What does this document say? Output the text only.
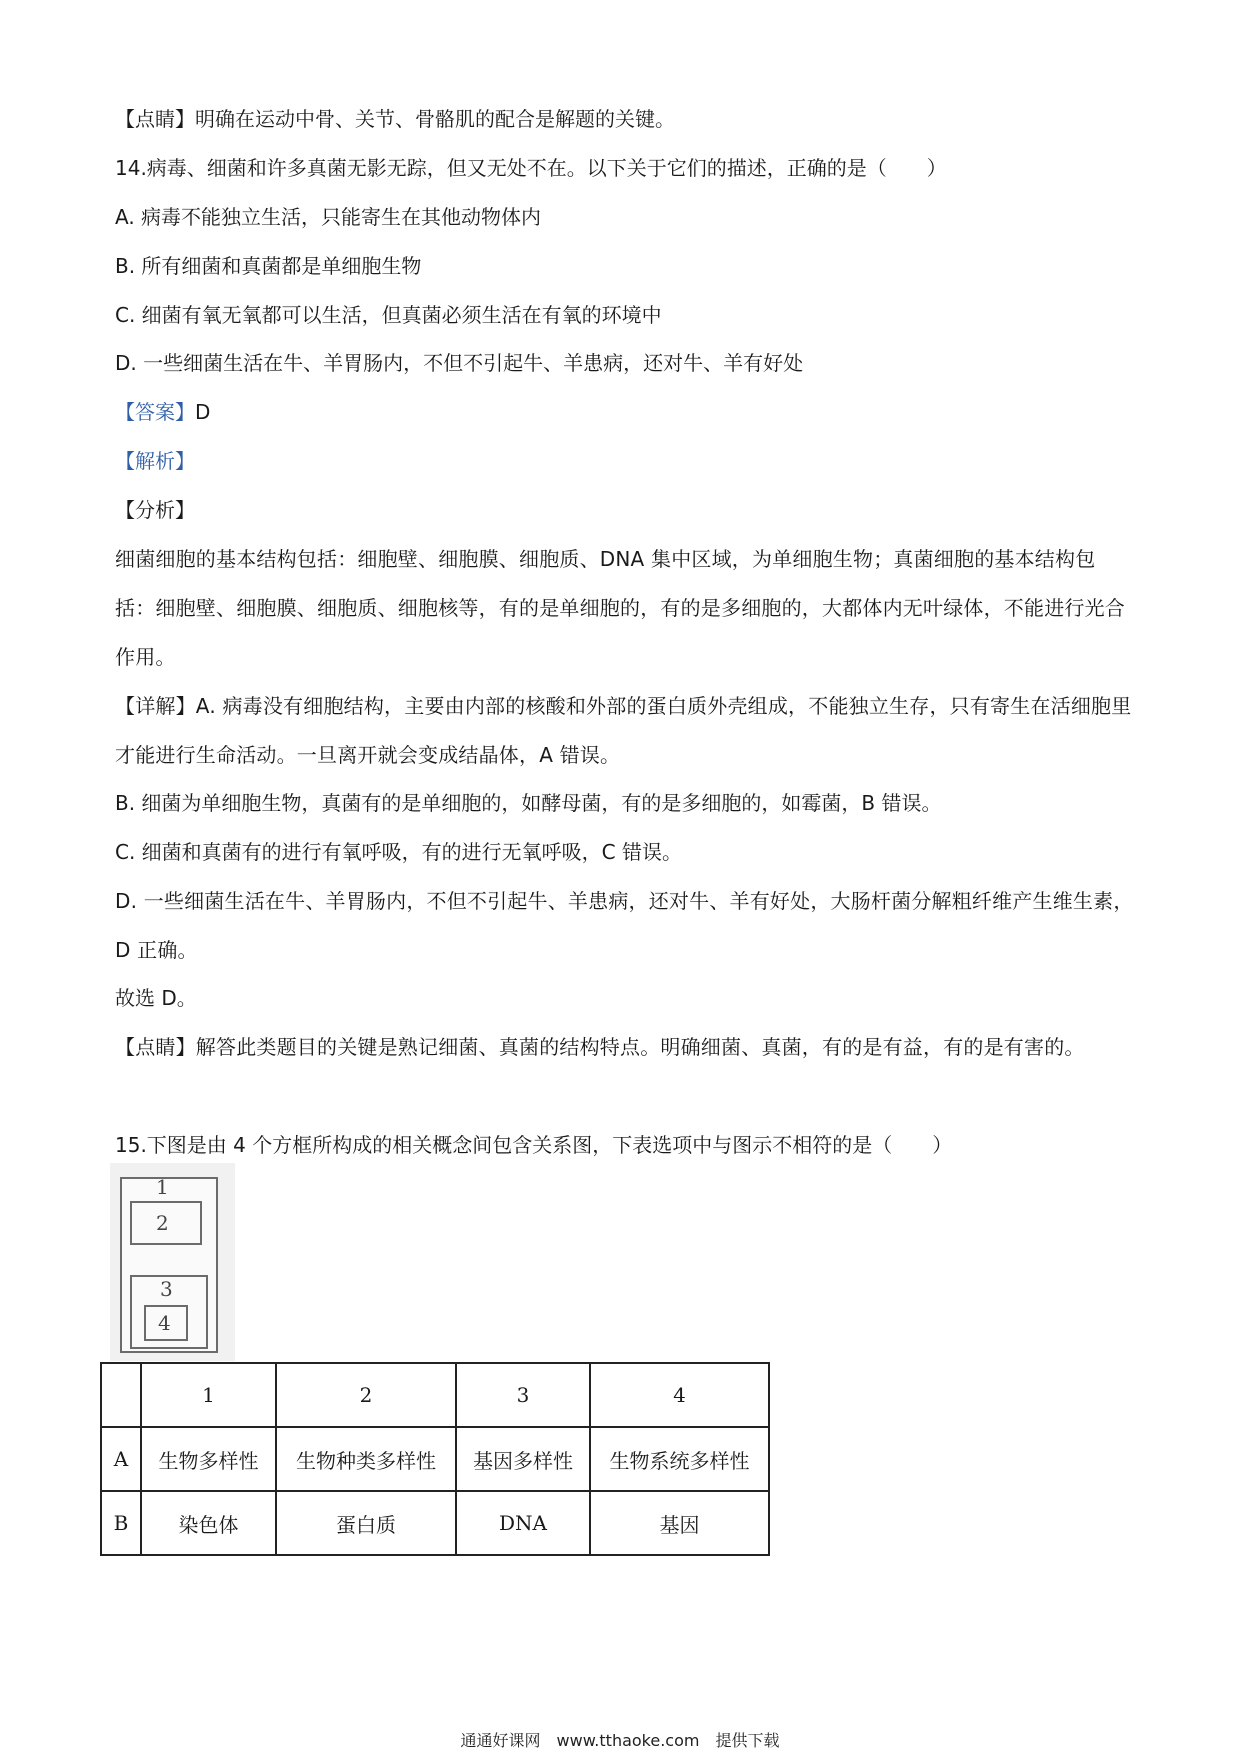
【点睛】明确在运动中骨、关节、骨骼肌的配合是解题的关键。
14.病毒、细菌和许多真菌无影无踪，但又无处不在。以下关于它们的描述，正确的是（　　）
A. 病毒不能独立生活，只能寄生在其他动物体内
B. 所有细菌和真菌都是单细胞生物
C. 细菌有氧无氧都可以生活，但真菌必须生活在有氧的环境中
D. 一些细菌生活在牛、羊胃肠内，不但不引起牛、羊患病，还对牛、羊有好处
【答案】D
【解析】
【分析】
细菌细胞的基本结构包括：细胞壁、细胞膜、细胞质、DNA 集中区域，为单细胞生物；真菌细胞的基本结构包括：细胞壁、细胞膜、细胞质、细胞核等，有的是单细胞的，有的是多细胞的，大都体内无叶绿体，不能进行光合作用。
【详解】A. 病毒没有细胞结构，主要由内部的核酸和外部的蛋白质外壳组成，不能独立生存，只有寄生在活细胞里才能进行生命活动。一旦离开就会变成结晶体，A 错误。
B. 细菌为单细胞生物，真菌有的是单细胞的，如酵母菌，有的是多细胞的，如霉菌，B 错误。
C. 细菌和真菌有的进行有氧呼吸，有的进行无氧呼吸，C 错误。
D. 一些细菌生活在牛、羊胃肠内，不但不引起牛、羊患病，还对牛、羊有好处，大肠杆菌分解粗纤维产生维生素，D 正确。
故选 D。
【点睛】解答此类题目的关键是熟记细菌、真菌的结构特点。明确细菌、真菌，有的是有益，有的是有害的。
15.下图是由 4 个方框所构成的相关概念间包含关系图，下表选项中与图示不相符的是（　　）
1
2
3
4
	1	2	3	4
A	生物多样性	生物种类多样性	基因多样性	生物系统多样性
B	染色体	蛋白质	DNA	基因
通通好课网　www.tthaoke.com　提供下载
